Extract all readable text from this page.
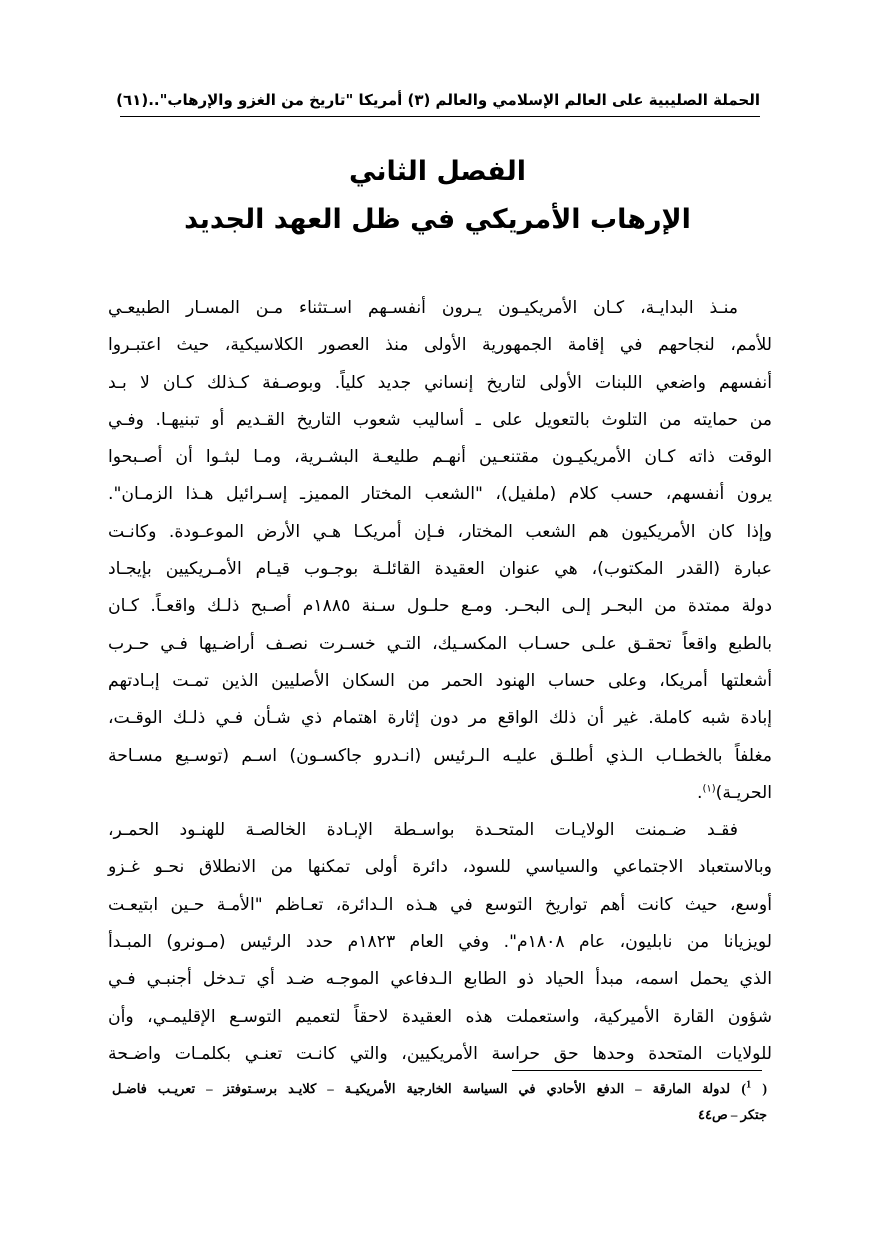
الحملة الصليبية على العالم الإسلامي والعالم (٣) أمريكا "تاريخ من الغزو والإرهاب"..
(٦١)
الفصل الثاني
الإرهاب الأمريكي في ظل العهد الجديد
منـذ البدايـة، كـان الأمريكيـون يـرون أنفسـهم اسـتثناء مـن المسـار الطبيعـي
للأمم، لنجاحهم في إقامة الجمهورية الأولى منذ العصور الكلاسيكية، حيث اعتبـروا
أنفسهم واضعي اللبنات الأولى لتاريخ إنساني جديد كلياً. وبوصـفة كـذلك كـان لا بـد
من حمايته من التلوث بالتعويل على ـ أساليب شعوب التاريخ القـديم أو تبنيهـا. وفـي
الوقت ذاته كـان الأمريكيـون مقتنعـين أنهـم طليعـة البشـرية، ومـا لبثـوا أن أصـبحوا
يرون أنفسهم، حسب كلام (ملفيل)، "الشعب المختار المميزـ إسـرائيل هـذا الزمـان".
وإذا كان الأمريكيون هم الشعب المختار، فـإن أمريكـا هـي الأرض الموعـودة. وكانـت
عبارة (القدر المكتوب)، هي عنوان العقيدة القائلـة بوجـوب قيـام الأمـريكيين بإيجـاد
دولة ممتدة من البحـر إلـى البحـر. ومـع حلـول سـنة ١٨٨٥م أصـبح ذلـك واقعـاً. كـان
بالطبع واقعاً تحقـق علـى حسـاب المكسـيك، التـي خسـرت نصـف أراضـيها فـي حـرب
أشعلتها أمريكا، وعلى حساب الهنود الحمر من السكان الأصليين الذين تمـت إبـادتهم
إبادة شبه كاملة. غير أن ذلك الواقع مر دون إثارة اهتمام ذي شـأن فـي ذلـك الوقـت،
مغلفاً بالخطـاب الـذي أطلـق عليـه الـرئيس (انـدرو جاكسـون) اسـم (توسـيع مسـاحة
الحريـة)$^{(١)}$.
فقـد ضـمنت الولايـات المتحـدة بواسـطة الإبـادة الخالصـة للهنـود الحمـر،
وبالاستعباد الاجتماعي والسياسي للسود، دائرة أولى تمكنها من الانطلاق نحـو غـزو
أوسع، حيث كانت أهم تواريخ التوسع في هـذه الـدائرة، تعـاظم "الأمـة حـين ابتيعـت
لويزيانا من نابليون، عام ١٨٠٨م". وفي العام ١٨٢٣م حدد الرئيس (مـونرو) المبـدأ
الذي يحمل اسمه، مبدأ الحياد ذو الطابع الـدفاعي الموجـه ضـد أي تـدخل أجنبـي فـي
شؤون القارة الأميركية، واستعملت هذه العقيدة لاحقاً لتعميم التوسـع الإقليمـي، وأن
للولايات المتحدة وحدها حق حراسة الأمريكيين، والتي كانـت تعنـي بكلمـات واضـحة
( $^1$) لدولة المارقة – الدفع الأحادي في السياسة الخارجية الأمريكيـة – كلايـد برسـتوفتز – تعريـب فاضـل
جتكر – ص٤٤
